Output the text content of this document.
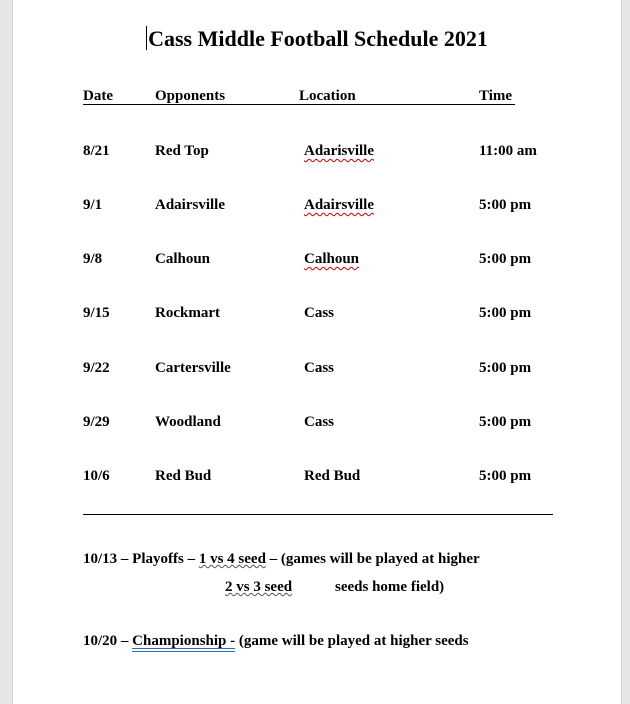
Cass Middle Football Schedule 2021
Date	Opponents	Location	Time
8/21	Red Top	Adarisville	11:00 am
9/1	Adairsville	Adairsville	5:00 pm
9/8	Calhoun	Calhoun	5:00 pm
9/15	Rockmart	Cass	5:00 pm
9/22	Cartersville	Cass	5:00 pm
9/29	Woodland	Cass	5:00 pm
10/6	Red Bud	Red Bud	5:00 pm
10/13 – Playoffs – 1 vs 4 seed – (games will be played at higher
2 vs 3 seed	seeds home field)
10/20 – Championship - (game will be played at higher seeds
